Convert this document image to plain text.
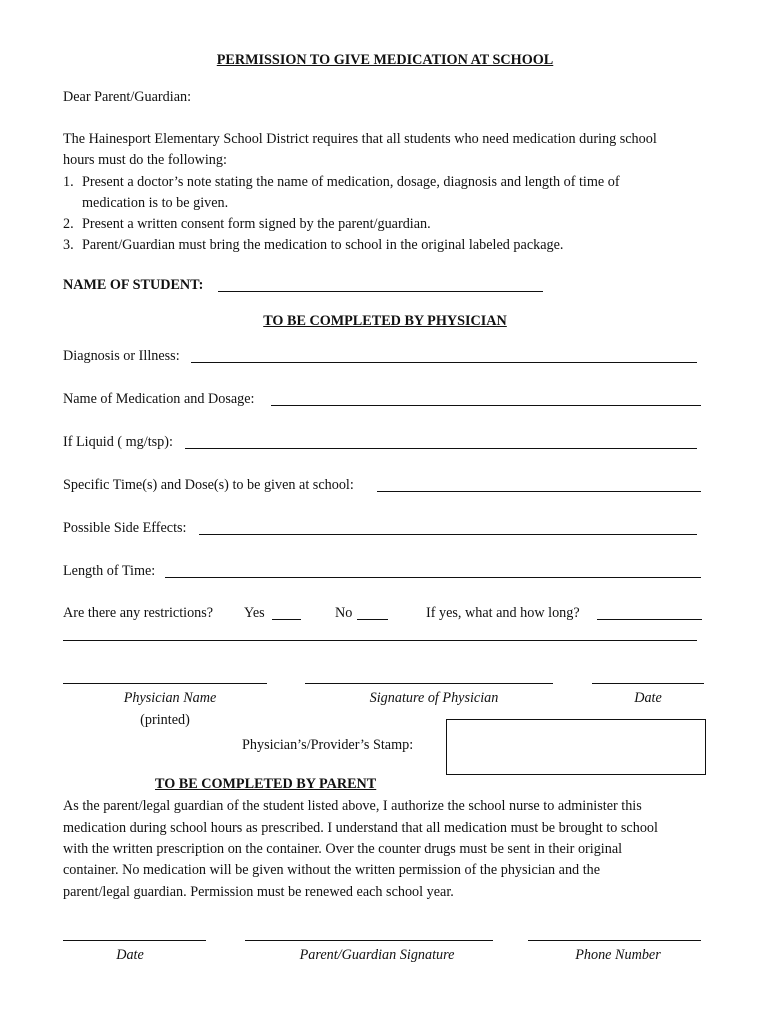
PERMISSION TO GIVE MEDICATION AT SCHOOL
Dear Parent/Guardian:
The Hainesport Elementary School District requires that all students who need medication during school
hours must do the following:
1. Present a doctor’s note stating the name of medication, dosage, diagnosis and length of time of
medication is to be given.
2. Present a written consent form signed by the parent/guardian.
3. Parent/Guardian must bring the medication to school in the original labeled package.
NAME OF STUDENT:
TO BE COMPLETED BY PHYSICIAN
Diagnosis or Illness:
Name of Medication and Dosage:
If Liquid ( mg/tsp):
Specific Time(s) and Dose(s) to be given at school:
Possible Side Effects:
Length of Time:
Are there any restrictions? Yes	No	If yes, what and how long?
Physician Name
(printed)
Signature of Physician	Date
Physician’s/Provider’s Stamp:
TO BE COMPLETED BY PARENT
As the parent/legal guardian of the student listed above, I authorize the school nurse to administer this
medication during school hours as prescribed. I understand that all medication must be brought to school
with the written prescription on the container. Over the counter drugs must be sent in their original
container. No medication will be given without the written permission of the physician and the
parent/legal guardian. Permission must be renewed each school year.
Date	Parent/Guardian Signature	Phone Number
